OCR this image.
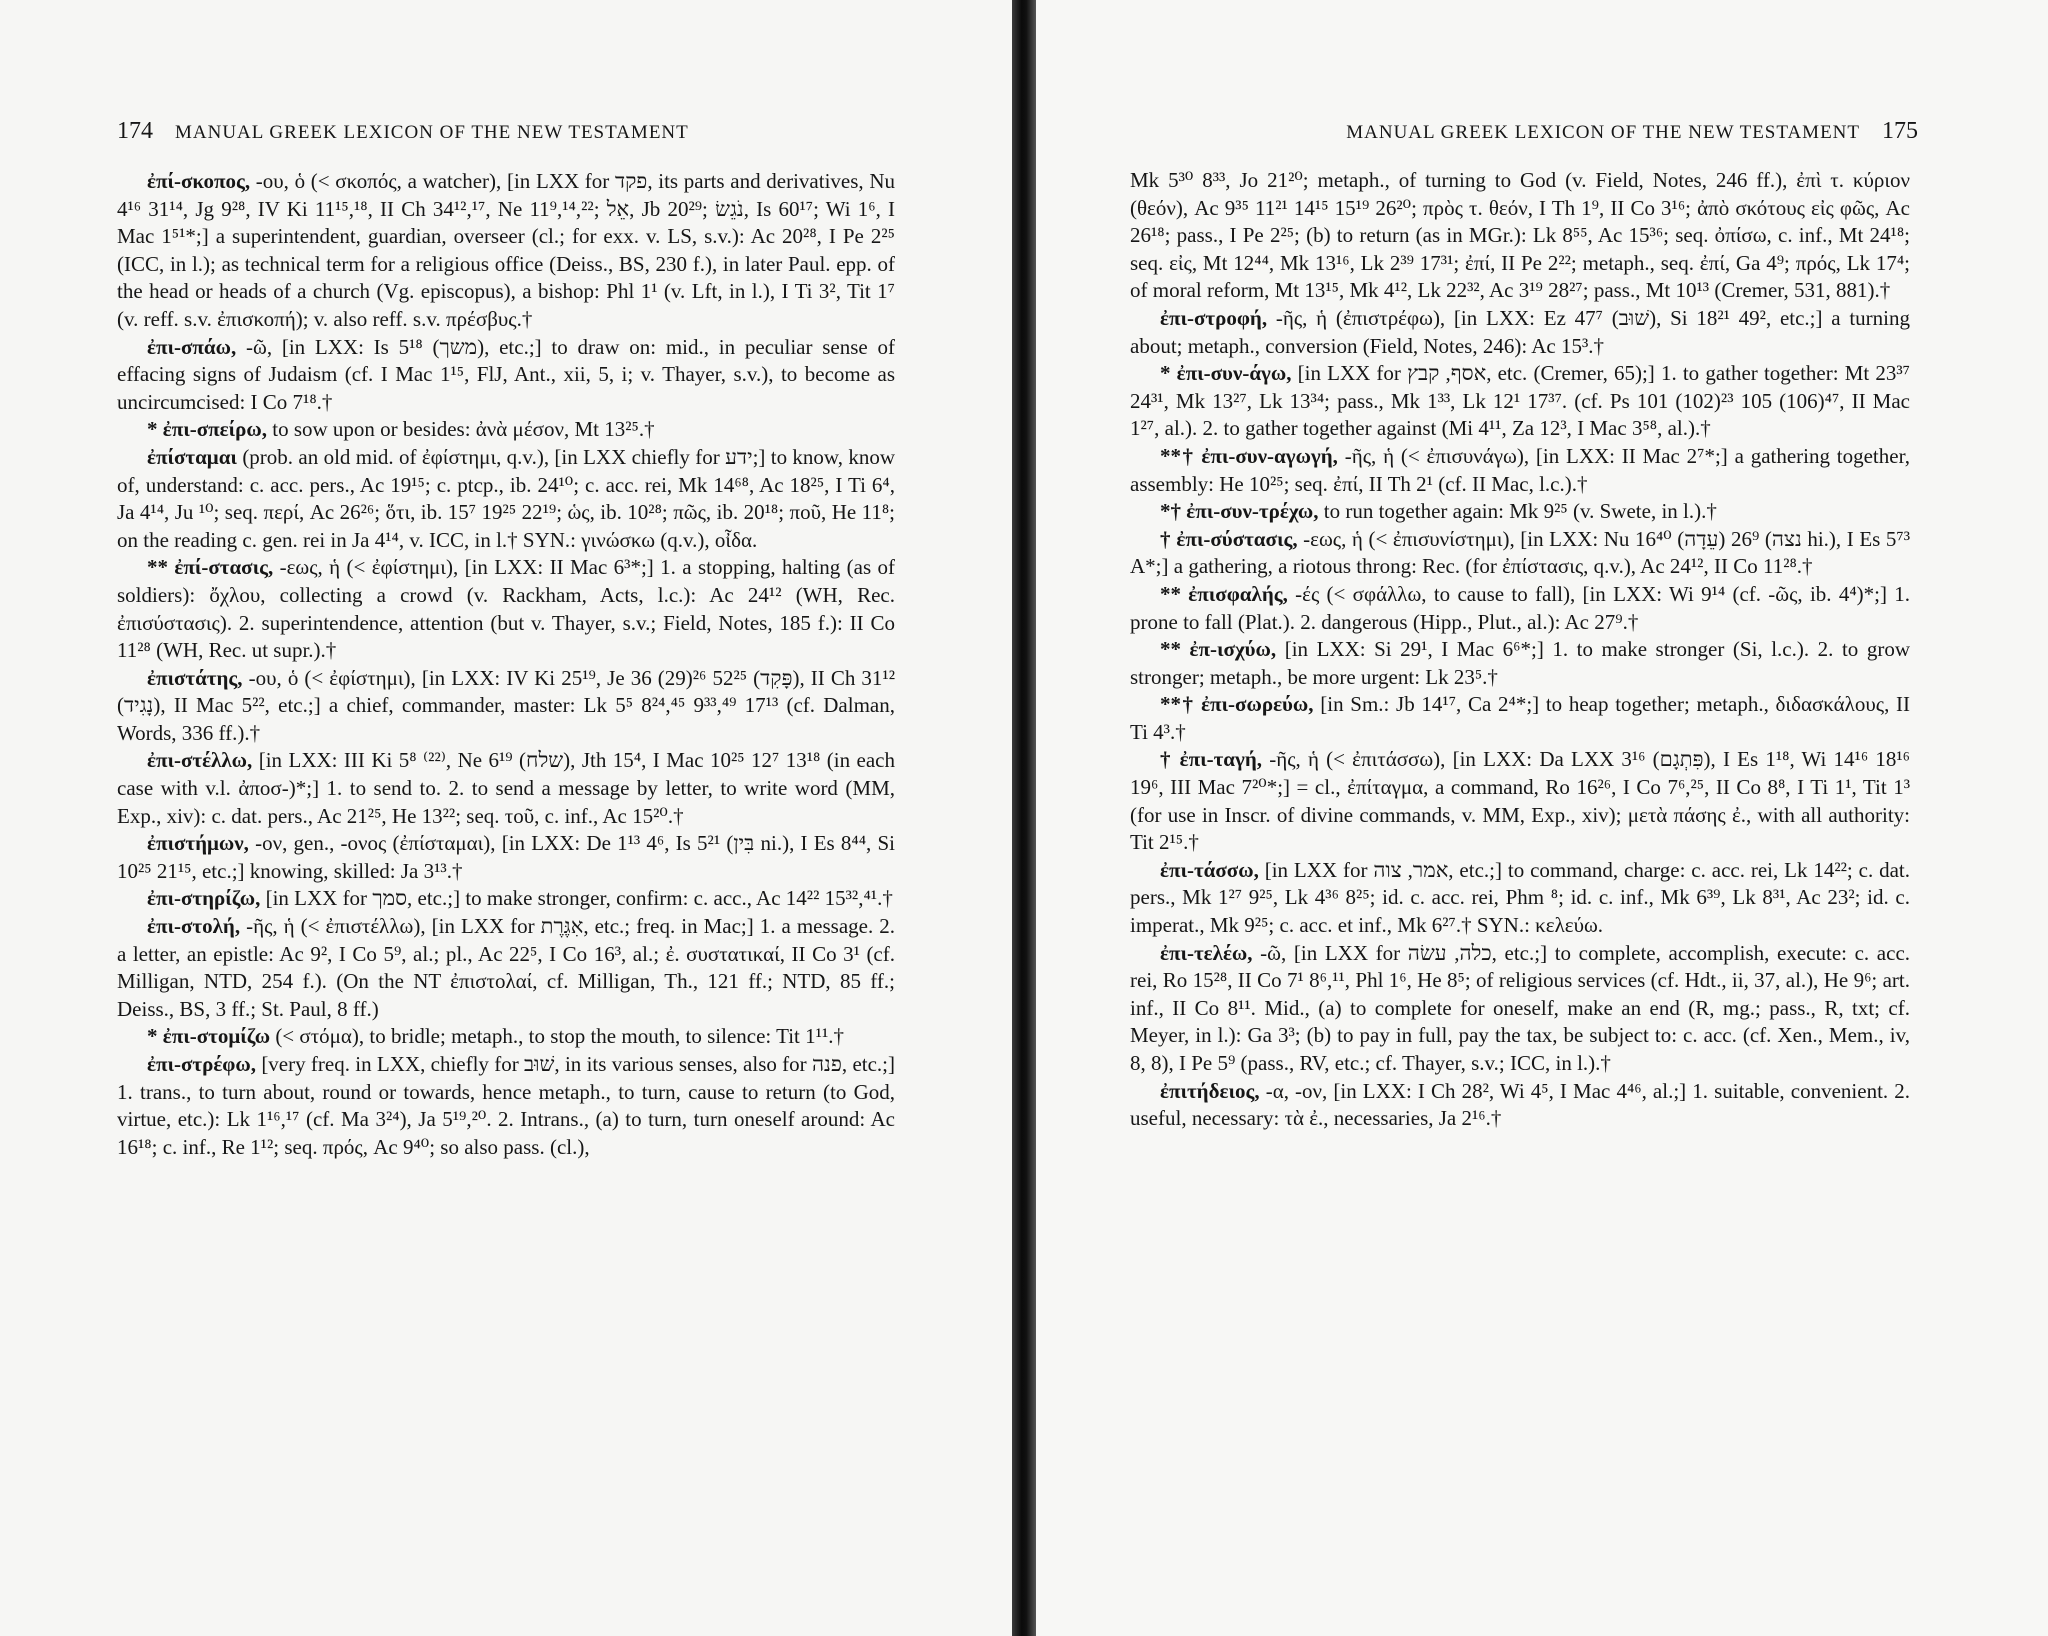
174 MANUAL GREEK LEXICON OF THE NEW TESTAMENT

ἐπί-σκοπος, -ου, ὁ (< σκοπός, a watcher), [in LXX for פקד, its parts and derivatives, Nu 4¹⁶ 31¹⁴, Jg 9²⁸, IV Ki 11¹⁵,¹⁸, II Ch 34¹²,¹⁷, Ne 11⁹,¹⁴,²²; אֵל, Jb 20²⁹; נֹגֵשׂ, Is 60¹⁷; Wi 1⁶, I Mac 1⁵¹*;] a superintendent, guardian, overseer (cl.; for exx. v. LS, s.v.): Ac 20²⁸, I Pe 2²⁵ (ICC, in l.); as technical term for a religious office (Deiss., BS, 230 f.), in later Paul. epp. of the head or heads of a church (Vg. episcopus), a bishop: Phl 1¹ (v. Lft, in l.), I Ti 3², Tit 1⁷ (v. reff. s.v. ἐπισκοπή); v. also reff. s.v. πρέσβυς.†

ἐπι-σπάω, -ῶ, [in LXX: Is 5¹⁸ (משך), etc.;] to draw on: mid., in peculiar sense of effacing signs of Judaism (cf. I Mac 1¹⁵, FlJ, Ant., xii, 5, i; v. Thayer, s.v.), to become as uncircumcised: I Co 7¹⁸.†

* ἐπι-σπείρω, to sow upon or besides: ἀνὰ μέσον, Mt 13²⁵.†

ἐπίσταμαι (prob. an old mid. of ἐφίστημι, q.v.), [in LXX chiefly for ידע;] to know, know of, understand: c. acc. pers., Ac 19¹⁵; c. ptcp., ib. 24¹⁰; c. acc. rei, Mk 14⁶⁸, Ac 18²⁵, I Ti 6⁴, Ja 4¹⁴, Ju ¹⁰; seq. περί, Ac 26²⁶; ὅτι, ib. 15⁷ 19²⁵ 22¹⁹; ὡς, ib. 10²⁸; πῶς, ib. 20¹⁸; ποῦ, He 11⁸; on the reading c. gen. rei in Ja 4¹⁴, v. ICC, in l.† SYN.: γινώσκω (q.v.), οἶδα.

** ἐπί-στασις, -εως, ἡ (< ἐφίστημι), [in LXX: II Mac 6³*;] 1. a stopping, halting (as of soldiers): ὄχλου, collecting a crowd (v. Rackham, Acts, l.c.): Ac 24¹² (WH, Rec. ἐπισύστασις). 2. superintendence, attention (but v. Thayer, s.v.; Field, Notes, 185 f.): II Co 11²⁸ (WH, Rec. ut supr.).†

ἐπιστάτης, -ου, ὁ (< ἐφίστημι), [in LXX: IV Ki 25¹⁹, Je 36 (29)²⁶ 52²⁵ (פָּקִד), II Ch 31¹² (נָגִיד), II Mac 5²², etc.;] a chief, commander, master: Lk 5⁵ 8²⁴,⁴⁵ 9³³,⁴⁹ 17¹³ (cf. Dalman, Words, 336 ff.).†

ἐπι-στέλλω, [in LXX: III Ki 5⁸ ⁽²²⁾, Ne 6¹⁹ (שלח), Jth 15⁴, I Mac 10²⁵ 12⁷ 13¹⁸ (in each case with v.l. ἀποσ-)*;] 1. to send to. 2. to send a message by letter, to write word (MM, Exp., xiv): c. dat. pers., Ac 21²⁵, He 13²²; seq. τοῦ, c. inf., Ac 15²⁰.†

ἐπιστήμων, -ον, gen., -ονος (ἐπίσταμαι), [in LXX: De 1¹³ 4⁶, Is 5²¹ (בִּין ni.), I Es 8⁴⁴, Si 10²⁵ 21¹⁵, etc.;] knowing, skilled: Ja 3¹³.†

ἐπι-στηρίζω, [in LXX for סמך, etc.;] to make stronger, confirm: c. acc., Ac 14²² 15³²,⁴¹.†

ἐπι-στολή, -ῆς, ἡ (< ἐπιστέλλω), [in LXX for אִגֶּרֶת, etc.; freq. in Mac;] 1. a message. 2. a letter, an epistle: Ac 9², I Co 5⁹, al.; pl., Ac 22⁵, I Co 16³, al.; ἐ. συστατικαί, II Co 3¹ (cf. Milligan, NTD, 254 f.). (On the NT ἐπιστολαί, cf. Milligan, Th., 121 ff.; NTD, 85 ff.; Deiss., BS, 3 ff.; St. Paul, 8 ff.)

* ἐπι-στομίζω (< στόμα), to bridle; metaph., to stop the mouth, to silence: Tit 1¹¹.†

ἐπι-στρέφω, [very freq. in LXX, chiefly for שׁוּב, in its various senses, also for פנה, etc.;] 1. trans., to turn about, round or towards, hence metaph., to turn, cause to return (to God, virtue, etc.): Lk 1¹⁶,¹⁷ (cf. Ma 3²⁴), Ja 5¹⁹,²⁰. 2. Intrans., (a) to turn, turn oneself around: Ac 16¹⁸; c. inf., Re 1¹²; seq. πρός, Ac 9⁴⁰; so also pass. (cl.),

MANUAL GREEK LEXICON OF THE NEW TESTAMENT 175

Mk 5³⁰ 8³³, Jo 21²⁰; metaph., of turning to God (v. Field, Notes, 246 ff.), ἐπὶ τ. κύριον (θεόν), Ac 9³⁵ 11²¹ 14¹⁵ 15¹⁹ 26²⁰; πρὸς τ. θεόν, I Th 1⁹, II Co 3¹⁶; ἀπὸ σκότους εἰς φῶς, Ac 26¹⁸; pass., I Pe 2²⁵; (b) to return (as in MGr.): Lk 8⁵⁵, Ac 15³⁶; seq. ὀπίσω, c. inf., Mt 24¹⁸; seq. εἰς, Mt 12⁴⁴, Mk 13¹⁶, Lk 2³⁹ 17³¹; ἐπί, II Pe 2²²; metaph., seq. ἐπί, Ga 4⁹; πρός, Lk 17⁴; of moral reform, Mt 13¹⁵, Mk 4¹², Lk 22³², Ac 3¹⁹ 28²⁷; pass., Mt 10¹³ (Cremer, 531, 881).†

ἐπι-στροφή, -ῆς, ἡ (ἐπιστρέφω), [in LXX: Ez 47⁷ (שׁוּב), Si 18²¹ 49², etc.;] a turning about; metaph., conversion (Field, Notes, 246): Ac 15³.†

* ἐπι-συν-άγω, [in LXX for אסף, קבץ, etc. (Cremer, 65);] 1. to gather together: Mt 23³⁷ 24³¹, Mk 13²⁷, Lk 13³⁴; pass., Mk 1³³, Lk 12¹ 17³⁷. (cf. Ps 101 (102)²³ 105 (106)⁴⁷, II Mac 1²⁷, al.). 2. to gather together against (Mi 4¹¹, Za 12³, I Mac 3⁵⁸, al.).†

**† ἐπι-συν-αγωγή, -ῆς, ἡ (< ἐπισυνάγω), [in LXX: II Mac 2⁷*;] a gathering together, assembly: He 10²⁵; seq. ἐπί, II Th 2¹ (cf. II Mac, l.c.).†

*† ἐπι-συν-τρέχω, to run together again: Mk 9²⁵ (v. Swete, in l.).†

† ἐπι-σύστασις, -εως, ἡ (< ἐπισυνίστημι), [in LXX: Nu 16⁴⁰ (עֵדָה) 26⁹ (נצה hi.), I Es 5⁷³ A*;] a gathering, a riotous throng: Rec. (for ἐπίστασις, q.v.), Ac 24¹², II Co 11²⁸.†

** ἐπισφαλής, -ές (< σφάλλω, to cause to fall), [in LXX: Wi 9¹⁴ (cf. -ῶς, ib. 4⁴)*;] 1. prone to fall (Plat.). 2. dangerous (Hipp., Plut., al.): Ac 27⁹.†

** ἐπ-ισχύω, [in LXX: Si 29¹, I Mac 6⁶*;] 1. to make stronger (Si, l.c.). 2. to grow stronger; metaph., be more urgent: Lk 23⁵.†

**† ἐπι-σωρεύω, [in Sm.: Jb 14¹⁷, Ca 2⁴*;] to heap together; metaph., διδασκάλους, II Ti 4³.†

† ἐπι-ταγή, -ῆς, ἡ (< ἐπιτάσσω), [in LXX: Da LXX 3¹⁶ (פִּתְגָם), I Es 1¹⁸, Wi 14¹⁶ 18¹⁶ 19⁶, III Mac 7²⁰*;] = cl., ἐπίταγμα, a command, Ro 16²⁶, I Co 7⁶,²⁵, II Co 8⁸, I Ti 1¹, Tit 1³ (for use in Inscr. of divine commands, v. MM, Exp., xiv); μετὰ πάσης ἐ., with all authority: Tit 2¹⁵.†

ἐπι-τάσσω, [in LXX for אמר, צוה, etc.;] to command, charge: c. acc. rei, Lk 14²²; c. dat. pers., Mk 1²⁷ 9²⁵, Lk 4³⁶ 8²⁵; id. c. acc. rei, Phm ⁸; id. c. inf., Mk 6³⁹, Lk 8³¹, Ac 23²; id. c. imperat., Mk 9²⁵; c. acc. et inf., Mk 6²⁷.† SYN.: κελεύω.

ἐπι-τελέω, -ῶ, [in LXX for כלה, עשׂה, etc.;] to complete, accomplish, execute: c. acc. rei, Ro 15²⁸, II Co 7¹ 8⁶,¹¹, Phl 1⁶, He 8⁵; of religious services (cf. Hdt., ii, 37, al.), He 9⁶; art. inf., II Co 8¹¹. Mid., (a) to complete for oneself, make an end (R, mg.; pass., R, txt; cf. Meyer, in l.): Ga 3³; (b) to pay in full, pay the tax, be subject to: c. acc. (cf. Xen., Mem., iv, 8, 8), I Pe 5⁹ (pass., RV, etc.; cf. Thayer, s.v.; ICC, in l.).†

ἐπιτήδειος, -α, -ον, [in LXX: I Ch 28², Wi 4⁵, I Mac 4⁴⁶, al.;] 1. suitable, convenient. 2. useful, necessary: τὰ ἐ., necessaries, Ja 2¹⁶.†
